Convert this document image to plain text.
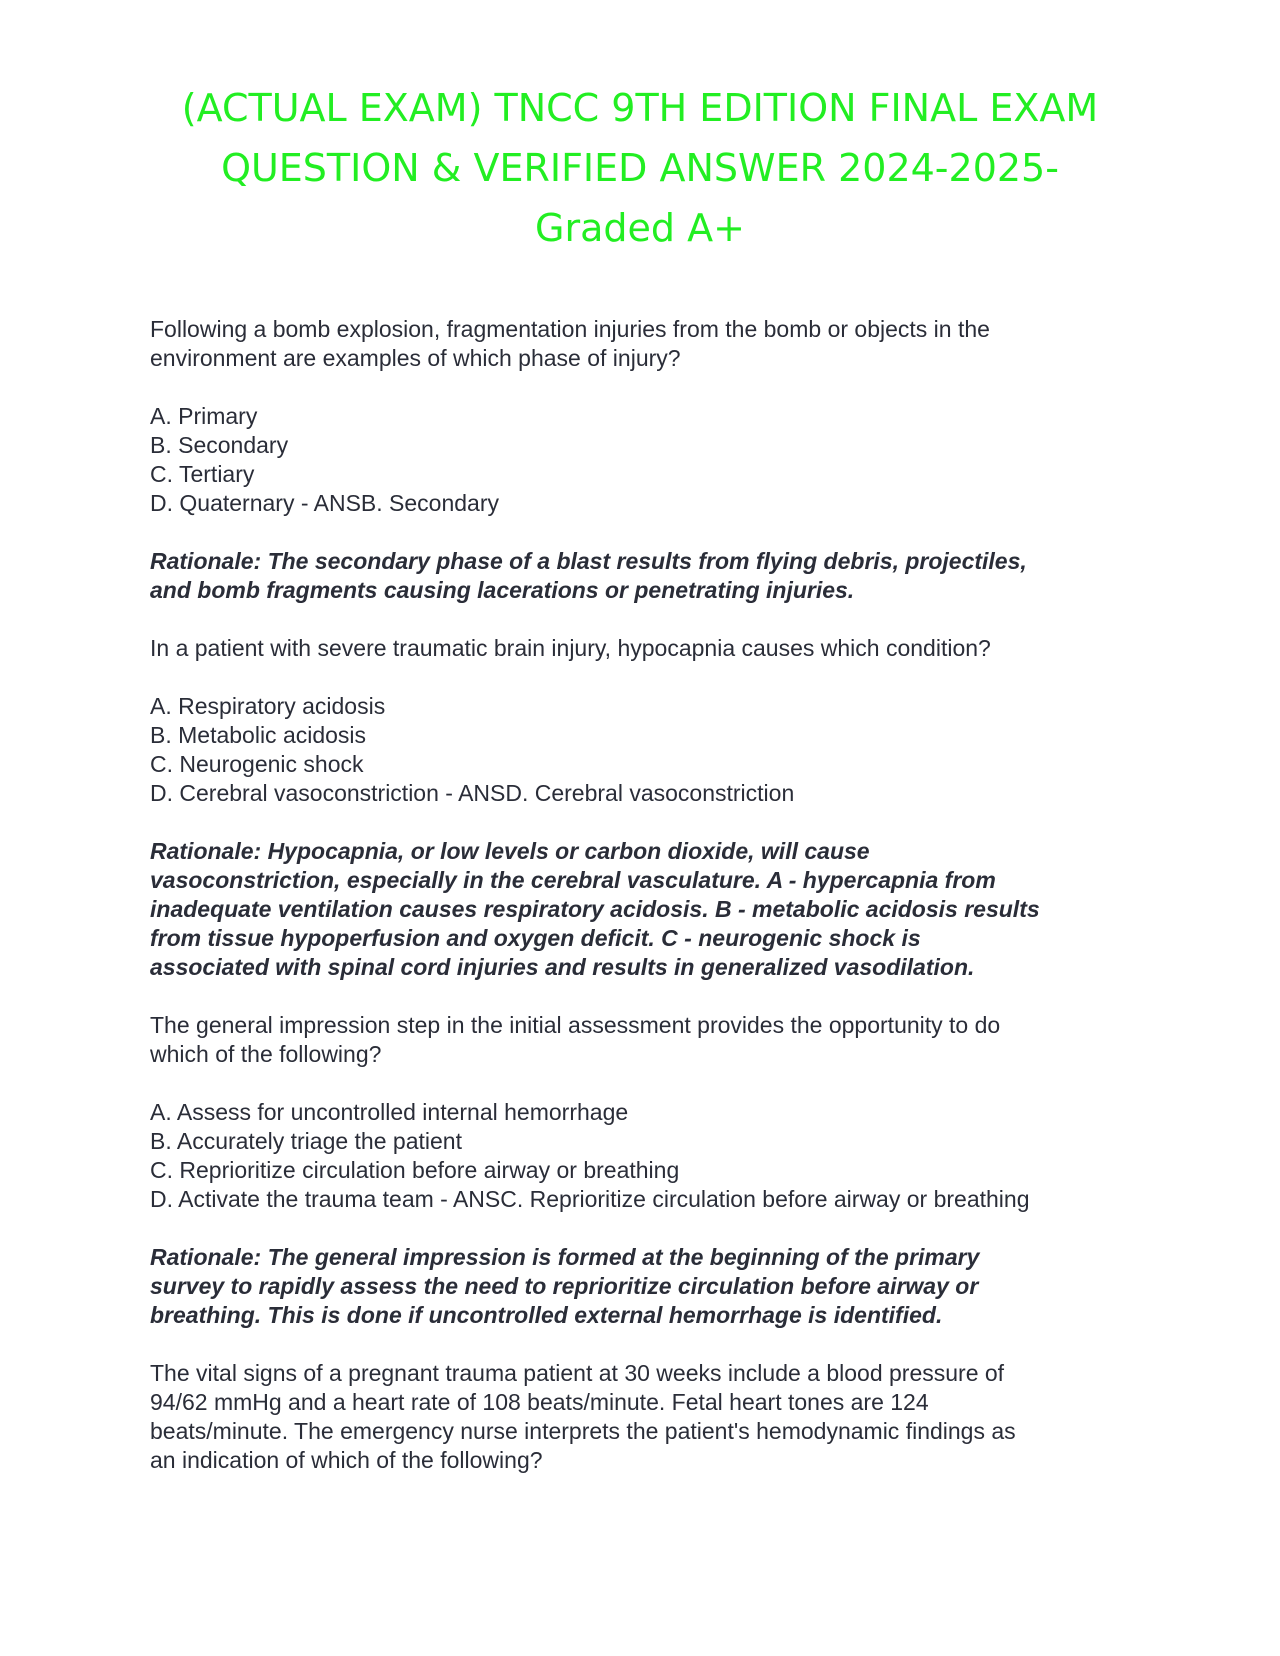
(ACTUAL EXAM) TNCC 9TH EDITION FINAL EXAM
QUESTION & VERIFIED ANSWER 2024-2025-
Graded A+

Following a bomb explosion, fragmentation injuries from the bomb or objects in the
environment are examples of which phase of injury?

A. Primary
B. Secondary
C. Tertiary
D. Quaternary - ANSB. Secondary

Rationale: The secondary phase of a blast results from flying debris, projectiles,
and bomb fragments causing lacerations or penetrating injuries.

In a patient with severe traumatic brain injury, hypocapnia causes which condition?

A. Respiratory acidosis
B. Metabolic acidosis
C. Neurogenic shock
D. Cerebral vasoconstriction - ANSD. Cerebral vasoconstriction

Rationale: Hypocapnia, or low levels or carbon dioxide, will cause
vasoconstriction, especially in the cerebral vasculature. A - hypercapnia from
inadequate ventilation causes respiratory acidosis. B - metabolic acidosis results
from tissue hypoperfusion and oxygen deficit. C - neurogenic shock is
associated with spinal cord injuries and results in generalized vasodilation.

The general impression step in the initial assessment provides the opportunity to do
which of the following?

A. Assess for uncontrolled internal hemorrhage
B. Accurately triage the patient
C. Reprioritize circulation before airway or breathing
D. Activate the trauma team - ANSC. Reprioritize circulation before airway or breathing

Rationale: The general impression is formed at the beginning of the primary
survey to rapidly assess the need to reprioritize circulation before airway or
breathing. This is done if uncontrolled external hemorrhage is identified.

The vital signs of a pregnant trauma patient at 30 weeks include a blood pressure of
94/62 mmHg and a heart rate of 108 beats/minute. Fetal heart tones are 124
beats/minute. The emergency nurse interprets the patient's hemodynamic findings as
an indication of which of the following?
